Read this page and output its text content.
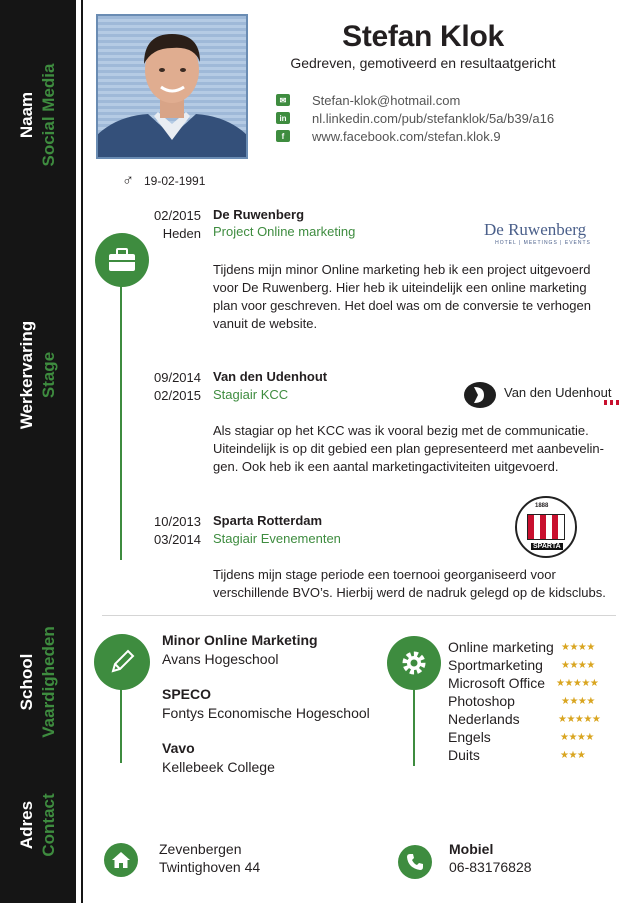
Naam Social Media
Werkervaring Stage
School Vaardigheden
Adres Contact
Stefan Klok
Gedreven, gemotiveerd en resultaatgericht
✉ Stefan-klok@hotmail.com
in nl.linkedin.com/pub/stefanklok/5a/b39/a16
f	www.facebook.com/stefan.klok.9
♂ 19-02-1991
02/2015
Heden
De Ruwenberg
Project Online marketing
Tijdens mijn minor Online marketing heb ik een project uitgevoerd
voor De Ruwenberg. Hier heb ik uiteindelijk een online marketing
plan voor geschreven. Het doel was om de conversie te verhogen
vanuit de website.
De Ruwenberg
HOTEL | MEETINGS | EVENTS
09/2014
02/2015
Van den Udenhout
Stagiair KCC
Als stagiar op het KCC was ik vooral bezig met de communicatie.
Uiteindelijk is op dit gebied een plan gepresenteerd met aanbevelin-
gen. Ook heb ik een aantal marketingactiviteiten uitgevoerd.
Van den Udenhout
10/2013
03/2014
Sparta Rotterdam
Stagiair Evenementen
Tijdens mijn stage periode een toernooi georganiseerd voor
verschillende BVO’s. Hierbij werd de nadruk gelegd op de kidsclubs.
1888
SPARTA
Minor Online Marketing
Avans Hogeschool
SPECO
Fontys Economische Hogeschool
Vavo
Kellebeek College
Online marketing ★★★★
Sportmarketing ★★★★
Microsoft Office ★★★★★
Photoshop	★★★★
Nederlands	★★★★★
Engels	★★★★
Duits	★★★
Zevenbergen
Twintighoven 44
Mobiel
06-83176828
